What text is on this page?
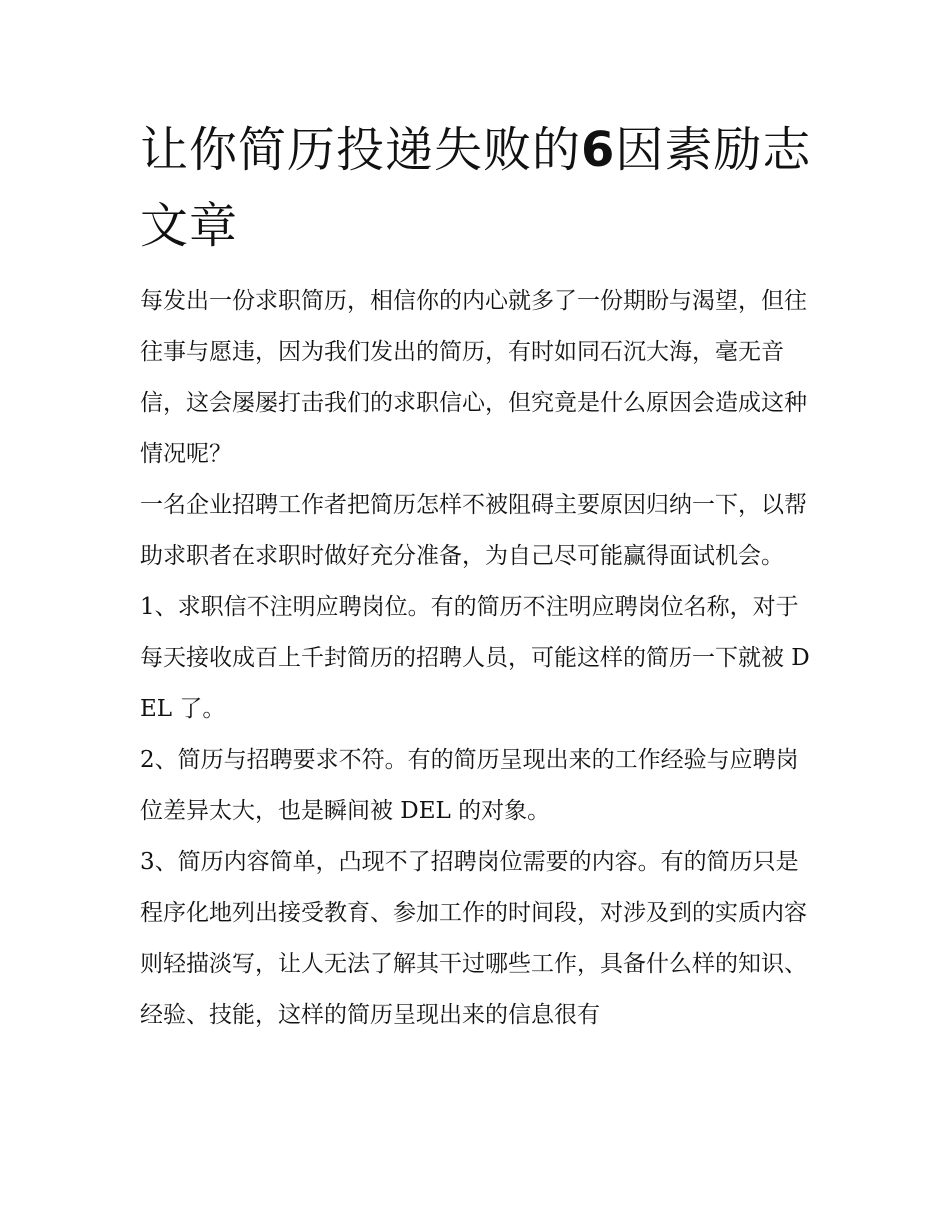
让你简历投递失败的6因素励志文章

每发出一份求职简历，相信你的内心就多了一份期盼与渴望，但往往事与愿违，因为我们发出的简历，有时如同石沉大海，毫无音信，这会屡屡打击我们的求职信心，但究竟是什么原因会造成这种情况呢？

一名企业招聘工作者把简历怎样不被阻碍主要原因归纳一下，以帮助求职者在求职时做好充分准备，为自己尽可能赢得面试机会。

1、求职信不注明应聘岗位。有的简历不注明应聘岗位名称，对于每天接收成百上千封简历的招聘人员，可能这样的简历一下就被 DEL 了。

2、简历与招聘要求不符。有的简历呈现出来的工作经验与应聘岗位差异太大，也是瞬间被 DEL 的对象。

3、简历内容简单，凸现不了招聘岗位需要的内容。有的简历只是程序化地列出接受教育、参加工作的时间段，对涉及到的实质内容则轻描淡写，让人无法了解其干过哪些工作，具备什么样的知识、经验、技能，这样的简历呈现出来的信息很有
